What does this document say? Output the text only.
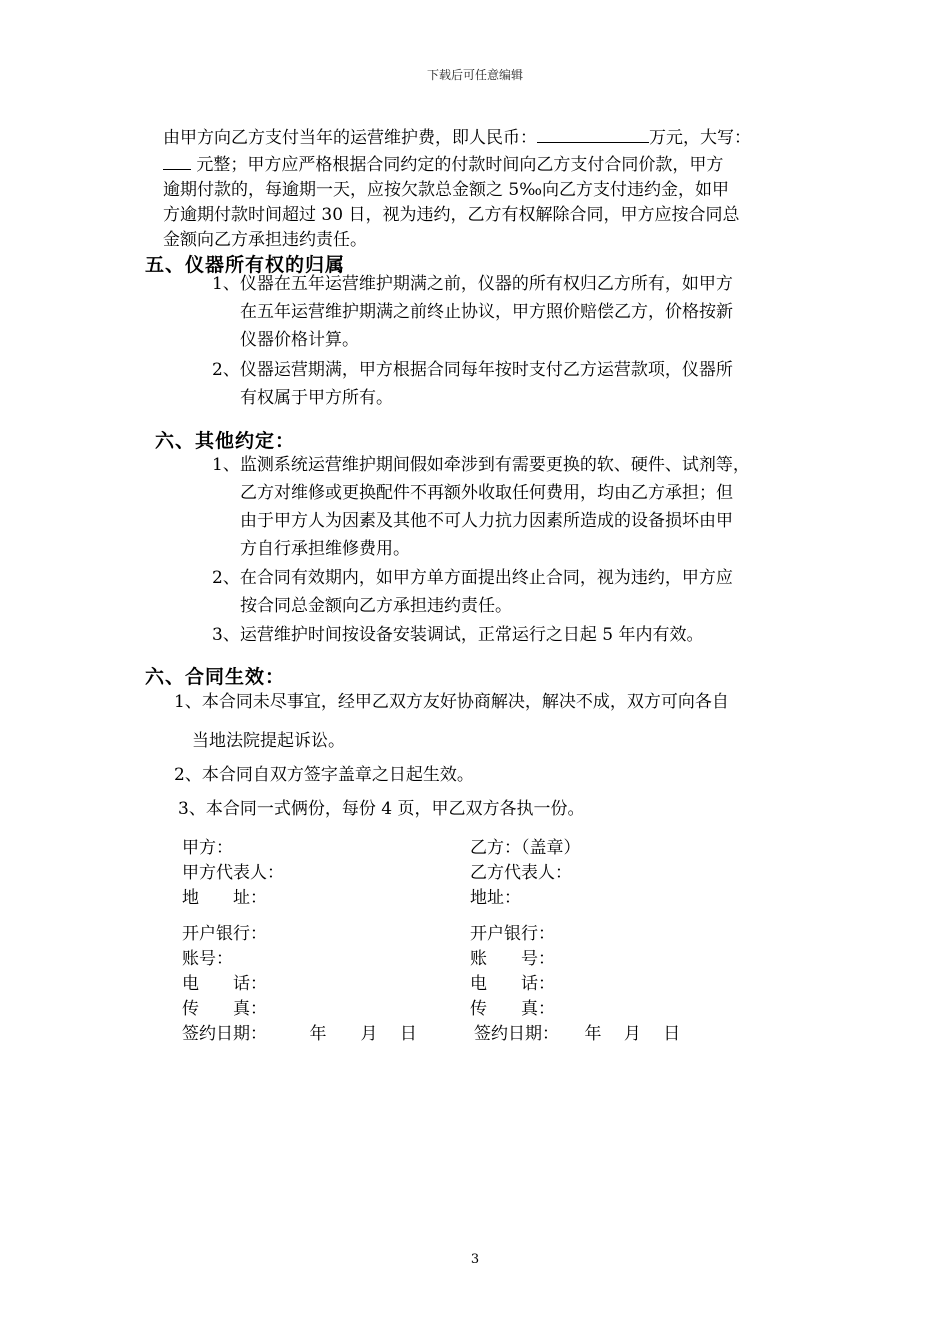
下载后可任意编辑

由甲方向乙方支付当年的运营维护费，即人民币：	万元，大写：

元整；甲方应严格根据合同约定的付款时间向乙方支付合同价款，甲方

逾期付款的，每逾期一天，应按欠款总金额之 5‰向乙方支付违约金，如甲

方逾期付款时间超过 30 日，视为违约，乙方有权解除合同，甲方应按合同总

金额向乙方承担违约责任。

五、仪器所有权的归属
1、仪器在五年运营维护期满之前，仪器的所有权归乙方所有，如甲方
在五年运营维护期满之前终止协议，甲方照价赔偿乙方，价格按新
仪器价格计算。
2、仪器运营期满，甲方根据合同每年按时支付乙方运营款项，仪器所
有权属于甲方所有。
六、其他约定：
1、监测系统运营维护期间假如牵涉到有需要更换的软、硬件、试剂等，
乙方对维修或更换配件不再额外收取任何费用，均由乙方承担；但
由于甲方人为因素及其他不可人力抗力因素所造成的设备损坏由甲
方自行承担维修费用。
2、在合同有效期内，如甲方单方面提出终止合同，视为违约，甲方应
按合同总金额向乙方承担违约责任。
3、运营维护时间按设备安装调试，正常运行之日起 5 年内有效。
六、合同生效：
1、本合同未尽事宜，经甲乙双方友好协商解决，解决不成，双方可向各自
当地法院提起诉讼。
2、本合同自双方签字盖章之日起生效。
3、本合同一式俩份，每份 4 页，甲乙双方各执一份。
甲方：
甲方代表人：
地　　址：
开户银行：
账号：
电　　话：
传　　真：
签约日期：　　　年　　月　 日
乙方：（盖章）
乙方代表人：
地址：
开户银行：
账　　号：
电　　话：
传　　真：
签约日期：　　年　 月　 日
3
